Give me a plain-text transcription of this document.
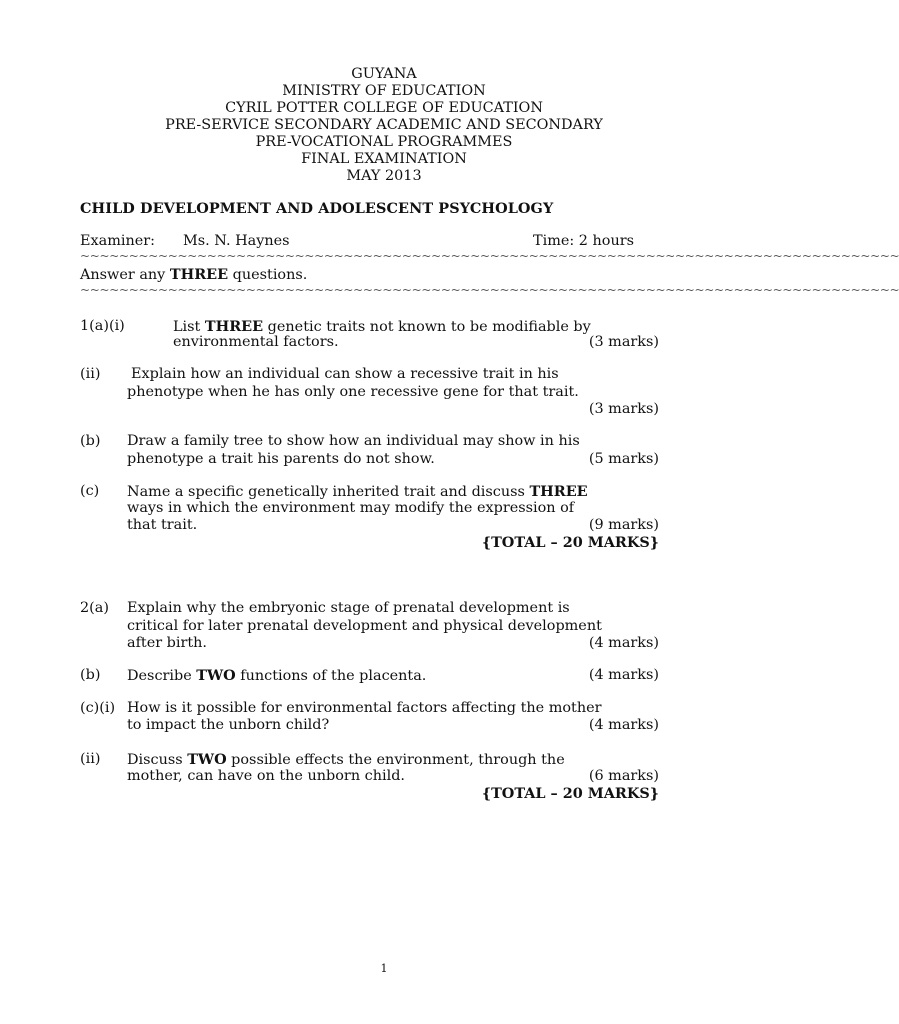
GUYANA
MINISTRY OF EDUCATION
CYRIL POTTER COLLEGE OF EDUCATION
PRE-SERVICE SECONDARY ACADEMIC AND SECONDARY
PRE-VOCATIONAL PROGRAMMES
FINAL EXAMINATION
MAY 2013
CHILD DEVELOPMENT AND ADOLESCENT PSYCHOLOGY
Examiner: Ms. N. Haynes	Time: 2 hours
~~~~~~~~~~~~~~~~~~~~~~~~~~~~~~~~~~~~~~~~~~~~~~~~~~~~~~~~~~~~~~~~~~~~~~~~~~~~~~~~~~~~
Answer any THREE questions.
~~~~~~~~~~~~~~~~~~~~~~~~~~~~~~~~~~~~~~~~~~~~~~~~~~~~~~~~~~~~~~~~~~~~~~~~~~~~~~~~~~~~
1(a)(i)	List THREE genetic traits not known to be modifiable by
environmental factors.	(3 marks)
(ii) Explain how an individual can show a recessive trait in his
phenotype when he has only one recessive gene for that trait.
(3 marks)
(b) Draw a family tree to show how an individual may show in his
phenotype a trait his parents do not show.	(5 marks)
(c) Name a specific genetically inherited trait and discuss THREE
ways in which the environment may modify the expression of
that trait.	(9 marks)
{TOTAL – 20 MARKS}
2(a) Explain why the embryonic stage of prenatal development is
critical for later prenatal development and physical development
after birth.	(4 marks)
(b) Describe TWO functions of the placenta.	(4 marks)
(c)(i) How is it possible for environmental factors affecting the mother
to impact the unborn child?	(4 marks)
(ii) Discuss TWO possible effects the environment, through the
mother, can have on the unborn child.	(6 marks)
{TOTAL – 20 MARKS}
1
